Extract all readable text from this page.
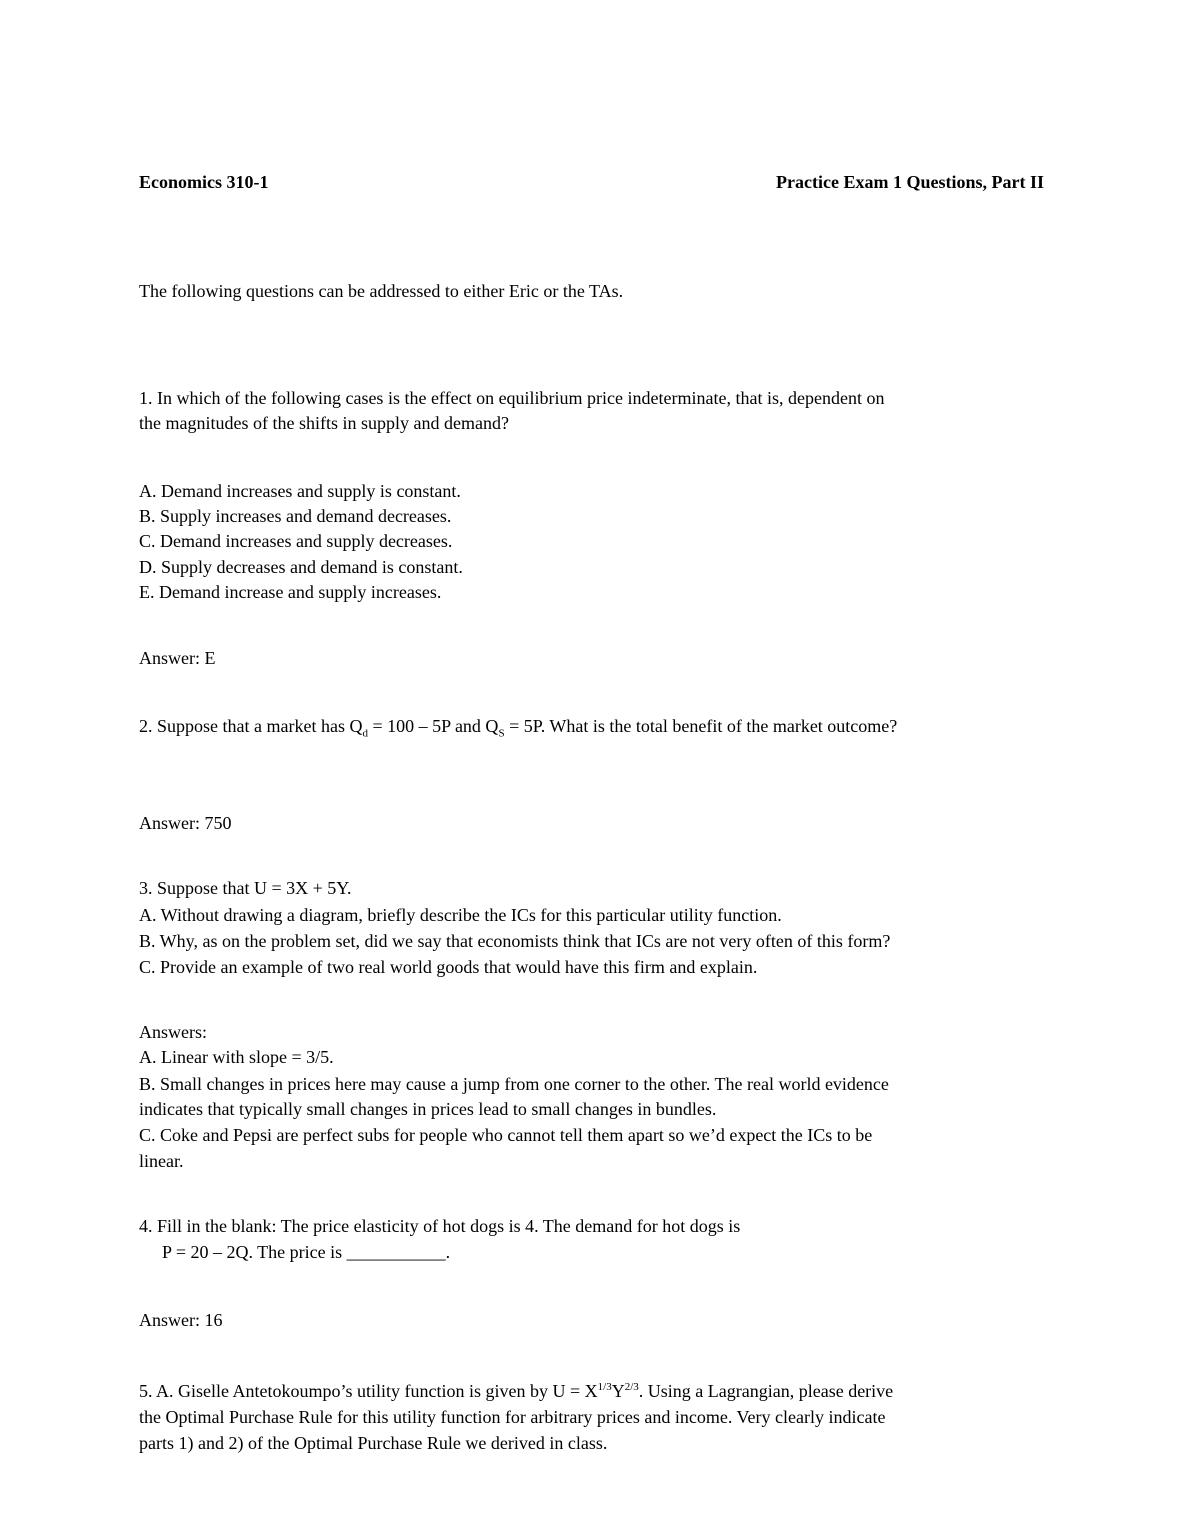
Economics 310-1	Practice Exam 1 Questions, Part II
The following questions can be addressed to either Eric or the TAs.
1. In which of the following cases is the effect on equilibrium price indeterminate, that is, dependent on
the magnitudes of the shifts in supply and demand?
A. Demand increases and supply is constant.
B. Supply increases and demand decreases.
C. Demand increases and supply decreases.
D. Supply decreases and demand is constant.
E. Demand increase and supply increases.
Answer: E
2. Suppose that a market has $Q_d = 100 - 5P$ and $Q_S = 5P$. What is the total benefit of the market outcome?
Answer: 750
3. Suppose that U = 3X + 5Y.
A. Without drawing a diagram, briefly describe the ICs for this particular utility function.
B. Why, as on the problem set, did we say that economists think that ICs are not very often of this form?
C. Provide an example of two real world goods that would have this firm and explain.
Answers:
A. Linear with slope = 3/5.
B. Small changes in prices here may cause a jump from one corner to the other. The real world evidence
indicates that typically small changes in prices lead to small changes in bundles.
C. Coke and Pepsi are perfect subs for people who cannot tell them apart so we’d expect the ICs to be
linear.
4. Fill in the blank: The price elasticity of hot dogs is 4. The demand for hot dogs is
P = 20 – 2Q. The price is ___________.
Answer: 16
5. A. Giselle Antetokoumpo’s utility function is given by $U = X^{1/3}Y^{2/3}$. Using a Lagrangian, please derive
the Optimal Purchase Rule for this utility function for arbitrary prices and income. Very clearly indicate
parts 1) and 2) of the Optimal Purchase Rule we derived in class.
